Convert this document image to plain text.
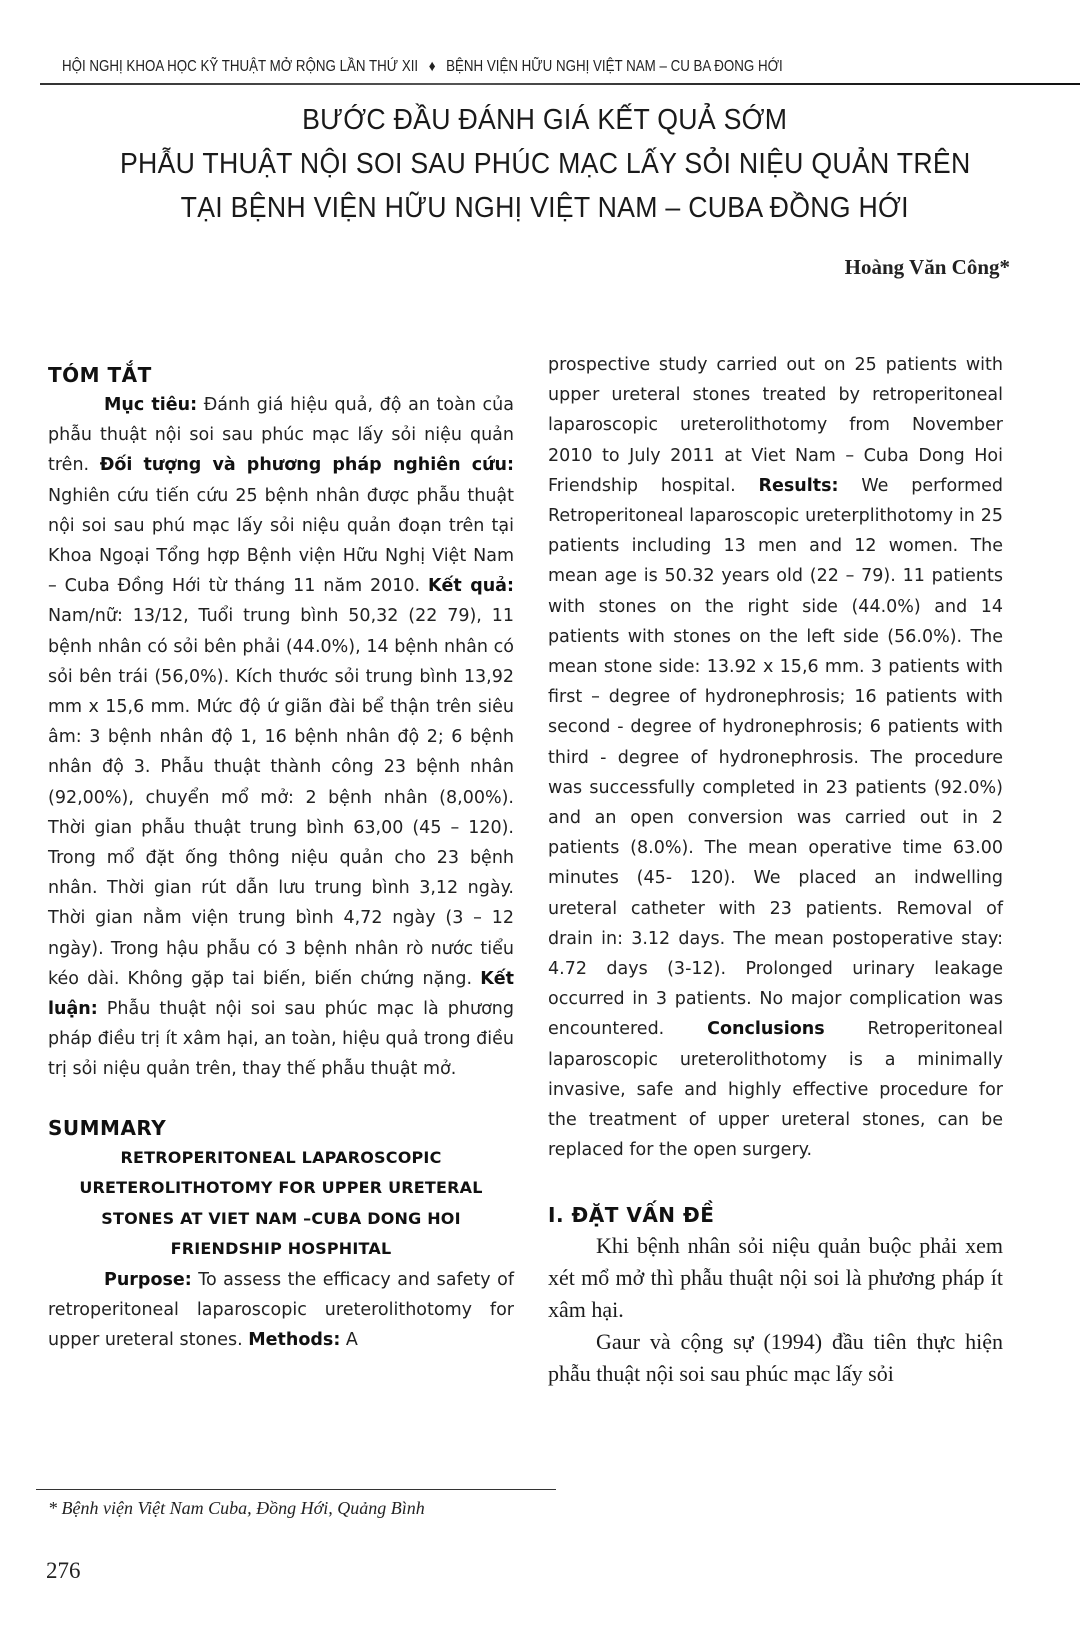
HỘI NGHỊ KHOA HỌC KỸ THUẬT MỞ RỘNG LẦN THỨ XII ♦ BỆNH VIỆN HỮU NGHỊ VIỆT NAM – CU BA ĐONG HỚI
BƯỚC ĐẦU ĐÁNH GIÁ KẾT QUẢ SỚM
PHẪU THUẬT NỘI SOI SAU PHÚC MẠC LẤY SỎI NIỆU QUẢN TRÊN
TẠI BỆNH VIỆN HỮU NGHỊ VIỆT NAM – CUBA ĐỒNG HỚI
Hoàng Văn Công*
TÓM TẮT

Mục tiêu: Đánh giá hiệu quả, độ an toàn của phẫu thuật nội soi sau phúc mạc lấy sỏi niệu quản trên. Đối tượng và phương pháp nghiên cứu: Nghiên cứu tiến cứu 25 bệnh nhân được phẫu thuật nội soi sau phú mạc lấy sỏi niệu quản đoạn trên tại Khoa Ngoại Tổng hợp Bệnh viện Hữu Nghị Việt Nam – Cuba Đồng Hới từ tháng 11 năm 2010. Kết quả: Nam/nữ: 13/12, Tuổi trung bình 50,32 (22 79), 11 bệnh nhân có sỏi bên phải (44.0%), 14 bệnh nhân có sỏi bên trái (56,0%). Kích thước sỏi trung bình 13,92 mm x 15,6 mm. Mức độ ứ giãn đài bể thận trên siêu âm: 3 bệnh nhân độ 1, 16 bệnh nhân độ 2; 6 bệnh nhân độ 3. Phẫu thuật thành công 23 bệnh nhân (92,00%), chuyển mổ mở: 2 bệnh nhân (8,00%). Thời gian phẫu thuật trung bình 63,00 (45 – 120). Trong mổ đặt ống thông niệu quản cho 23 bệnh nhân. Thời gian rút dẫn lưu trung bình 3,12 ngày. Thời gian nằm viện trung bình 4,72 ngày (3 – 12 ngày). Trong hậu phẫu có 3 bệnh nhân rò nước tiểu kéo dài. Không gặp tai biến, biến chứng nặng. Kết luận: Phẫu thuật nội soi sau phúc mạc là phương pháp điều trị ít xâm hại, an toàn, hiệu quả trong điều trị sỏi niệu quản trên, thay thế phẫu thuật mở.

SUMMARY
RETROPERITONEAL LAPAROSCOPIC
URETEROLITHOTOMY FOR UPPER URETERAL
STONES AT VIET NAM –CUBA DONG HOI
FRIENDSHIP HOSPHITAL

Purpose: To assess the efficacy and safety of retroperitoneal laparoscopic ureterolithotomy for upper ureteral stones. Methods: A

prospective study carried out on 25 patients with upper ureteral stones treated by retroperitoneal laparoscopic ureterolithotomy from November 2010 to July 2011 at Viet Nam – Cuba Dong Hoi Friendship hospital. Results: We performed Retroperitoneal laparoscopic ureterplithotomy in 25 patients including 13 men and 12 women. The mean age is 50.32 years old (22 – 79). 11 patients with stones on the right side (44.0%) and 14 patients with stones on the left side (56.0%). The mean stone side: 13.92 x 15,6 mm. 3 patients with first – degree of hydronephrosis; 16 patients with second - degree of hydronephrosis; 6 patients with third - degree of hydronephrosis. The procedure was successfully completed in 23 patients (92.0%) and an open conversion was carried out in 2 patients (8.0%). The mean operative time 63.00 minutes (45- 120). We placed an indwelling ureteral catheter with 23 patients. Removal of drain in: 3.12 days. The mean postoperative stay: 4.72 days (3-12). Prolonged urinary leakage occurred in 3 patients. No major complication was encountered. Conclusions Retroperitoneal laparoscopic ureterolithotomy is a minimally invasive, safe and highly effective procedure for the treatment of upper ureteral stones, can be replaced for the open surgery.

I. ĐẶT VẤN ĐỀ

Khi bệnh nhân sỏi niệu quản buộc phải xem xét mổ mở thì phẫu thuật nội soi là phương pháp ít xâm hại.

Gaur và cộng sự (1994) đầu tiên thực hiện phẫu thuật nội soi sau phúc mạc lấy sỏi

* Bệnh viện Việt Nam Cuba, Đồng Hới, Quảng Bình
276
